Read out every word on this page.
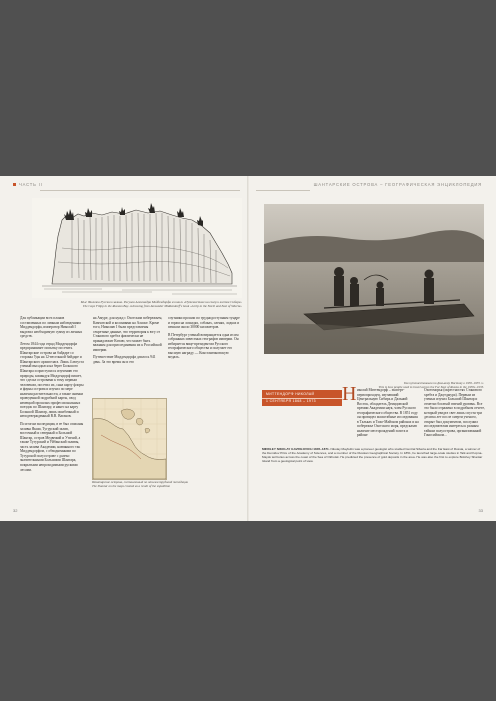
ЧАСТЬ II	ШАНТАРСКИЕ ОСТРОВА – ГЕОГРАФИЧЕСКАЯ ЭНЦИКЛОПЕДИЯ
Мыс Филиппа Русского залива. Рисунок Александра Миддендорфа из книги «Путешествие на север и восток Сибири»
The Cape Filipp in the Russian Bay. A drawing from Alexander Middendorff's book «A trip to the North and East of Siberia»

Для публикации всех планов составленных по личным наблюдениям Миддендорфа, император Николай I выделил необходимую сумму из личных средств.

Летом 1844 года отряд Миддендорфа предпринимает попытку посетить Шантарские острова на байдаре со стороны Уды на 12-весельной байдаре и Шантарского архипелага. Лишь 4 августа ученый высадился на берег Большого Шантара и приступил к изучению его природы, командуя Миддендорф пишет, что сделал островами к тому первым человеком, посетил их, снял карту флоры и фауны острова и изучил по мере наличия растительности, а также снимки проведенной подробной карты, свод немецкой прошлых профессиональных поездок по Шантару, и нанес на карту Большой Шантар, лишь ошибочный и неподтвержденный В.В. Ваганов.

По итогам экспедиции, в ее был описаны заливы Якши, Тугурский залив, восточный и северный и Большой Шантар, остров Медвежий и Утичий, а также Тугурский и Уйбанский заливы, часть залива Академии, названного так Миддендорфом, с обводненными по Тугурской полуострове с далеко значительными Большими Шантара, покрытыми непроходимыми рускими лесами.

на Амуре, для нужд с Охотским побережьем, Камчатской и колониями на Аляске. Кроме того, Николаю I были представлены секретные данные, что территория к югу от Станового хребта фактически не принадлежит Китаю, что может быть важным для присоединения их к Российской империи.

Путешествие Миддендорфа длилось 941 день. За это время он и его

спутники прошли по труднодоступным тундре и горам на лошадях, собаках, оленях, лодках и пешком около 30000 километров.

В Петербург ученый возвращается одна из им собранных известных географов империи. Он избирается вице-президентом Русского географического общества и получает его высшую награду — Константиновскую медаль.

Шантарские острова, составленный по итогам трудовой экспедиции
The Shantar on the maps created as a result of the expedition
Так путешествовали по Дальнему Востоку в 1930–1935 гг.
This is how people used to travel across the Far East of Russia in the 1930s–1935.
МИТТЕНДОРФ НИКОЛАЙ
1 СЕНТЯБРЯ 1868 – 1973 Н иколай Миттендорф – эксперт-первопроходец, изучавший Центральную Сибирь и Дальний Восток, обладатель Демидовской премии Академии наук, член Русского географического общества. В 1851 году он провидел масштабные исследования в Тальках и Тихо-Майском районах и на побережье Охотского моря, предсказав наличие месторождений золота и районе

Охотоморья (окрестностях Станового хребта и Джугджура). Первым из ученых изучил Большой Шантар и отметил богатый птичий уровень. Все это было отражено в подробном отчете, который увидел свет лишь спустя три десятка лет после смерти ученого, открыт был документом, послужил исследователям интересы к разным тайнам полуострова, организованной Гоносийском...

MIDDLEY NIKOLAY GAVRILOVICH 1835–1871. Nikolay Mayfeilin was a pioneer geologist who studied Central Siberia and the Far East of Russia, a winner of the Demidov Prize of the Academy of Sciences, and a member of the Russian Geographical Society. In 1851, he launched large-scale studies in Talk and Kopna-Maysk territories across the coast of the Sea of Okhotsk. He predicted the presence of gold deposits in the area. He was also the first to explore Bolshoy Shantar Island from a geological point of view.
32	33
